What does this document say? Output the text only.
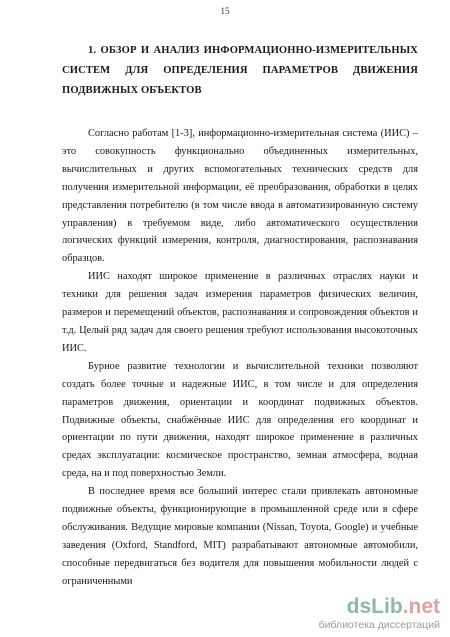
15
1. ОБЗОР И АНАЛИЗ ИНФОРМАЦИОННО-ИЗМЕРИТЕЛЬНЫХ СИСТЕМ ДЛЯ ОПРЕДЕЛЕНИЯ ПАРАМЕТРОВ ДВИЖЕНИЯ ПОДВИЖНЫХ ОБЪЕКТОВ

Согласно работам [1-3], информационно-измерительная система (ИИС) – это совокупность функционально объединенных измерительных, вычислительных и других вспомогательных технических средств для получения измерительной информации, её преобразования, обработки в целях представления потребителю (в том числе ввода в автоматизированную систему управления) в требуемом виде, либо автоматического осуществления логических функций измерения, контроля, диагностирования, распознавания образцов.

ИИС находят широкое применение в различных отраслях науки и техники для решения задач измерения параметров физических величин, размеров и перемещений объектов, распознавания и сопровождения объектов и т.д. Целый ряд задач для своего решения требуют использования высокоточных ИИС.

Бурное развитие технологии и вычислительной техники позволяют создать более точные и надежные ИИС, в том числе и для определения параметров движения, ориентации и координат подвижных объектов. Подвижные объекты, снабжённые ИИС для определения его координат и ориентации по пути движения, находят широкое применение в различных средах эксплуатации: космическое пространство, земная атмосфера, водная среда, на и под поверхностью Земли.

В последнее время все больший интерес стали привлекать автономные подвижные объекты, функционирующие в промышленной среде или в сфере обслуживания. Ведущие мировые компании (Nissan, Toyota, Google) и учебные заведения (Oxford, Standford, MIT) разрабатывают автономные автомобили, способные передвигаться без водителя для повышения мобильности людей с ограниченными

dsLib.net
библиотека диссертаций
